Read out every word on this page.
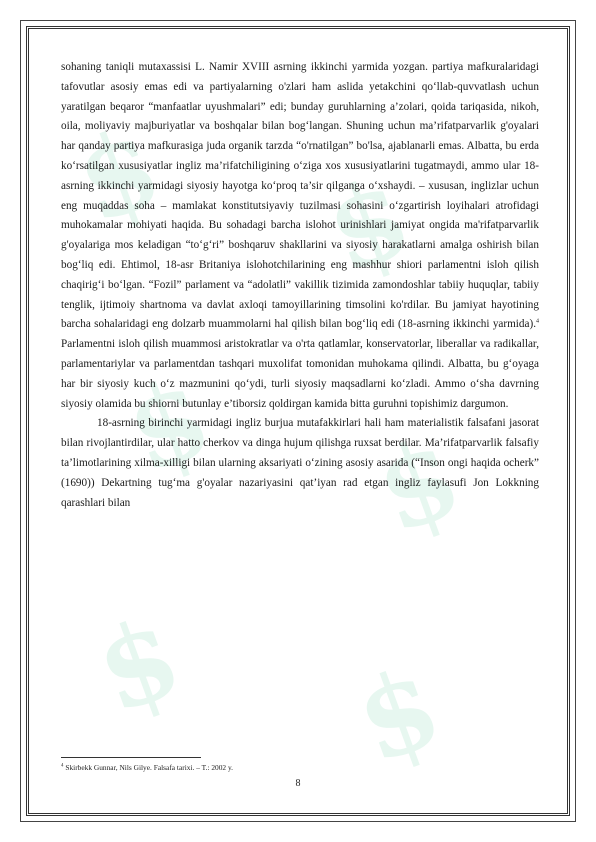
$ $
$ $
$ $

sohaning taniqli mutaxassisi L. Namir XVIII asrning ikkinchi yarmida yozgan. partiya mafkuralaridagi tafovutlar asosiy emas edi va partiyalarning o'zlari ham aslida yetakchini qo‘llab-quvvatlash uchun yaratilgan beqaror “manfaatlar uyushmalari” edi; bunday guruhlarning a’zolari, qoida tariqasida, nikoh, oila, moliyaviy majburiyatlar va boshqalar bilan bog‘langan. Shuning uchun ma’rifatparvarlik g'oyalari har qanday partiya mafkurasiga juda organik tarzda “o'rnatilgan” bo'lsa, ajablanarli emas. Albatta, bu erda ko‘rsatilgan xususiyatlar ingliz ma’rifatchiligining o‘ziga xos xususiyatlarini tugatmaydi, ammo ular 18-asrning ikkinchi yarmidagi siyosiy hayotga ko‘proq ta’sir qilganga o‘xshaydi. – xususan, inglizlar uchun eng muqaddas soha – mamlakat konstitutsiyaviy tuzilmasi sohasini o‘zgartirish loyihalari atrofidagi muhokamalar mohiyati haqida. Bu sohadagi barcha islohot urinishlari jamiyat ongida ma'rifatparvarlik g'oyalariga mos keladigan “to‘g‘ri” boshqaruv shakllarini va siyosiy harakatlarni amalga oshirish bilan bog‘liq edi. Ehtimol, 18-asr Britaniya islohotchilarining eng mashhur shiori parlamentni isloh qilish chaqirig‘i bo‘lgan. “Fozil” parlament va “adolatli” vakillik tizimida zamondoshlar tabiiy huquqlar, tabiiy tenglik, ijtimoiy shartnoma va davlat axloqi tamoyillarining timsolini ko'rdilar. Bu jamiyat hayotining barcha sohalaridagi eng dolzarb muammolarni hal qilish bilan bog‘liq edi (18-asrning ikkinchi yarmida).$^4$ Parlamentni isloh qilish muammosi aristokratlar va o'rta qatlamlar, konservatorlar, liberallar va radikallar, parlamentariylar va parlamentdan tashqari muxolifat tomonidan muhokama qilindi. Albatta, bu g‘oyaga har bir siyosiy kuch o‘z mazmunini qo‘ydi, turli siyosiy maqsadlarni ko‘zladi. Ammo o‘sha davrning siyosiy olamida bu shiorni butunlay e’tiborsiz qoldirgan kamida bitta guruhni topishimiz dargumon.

18-asrning birinchi yarmidagi ingliz burjua mutafakkirlari hali ham materialistik falsafani jasorat bilan rivojlantirdilar, ular hatto cherkov va dinga hujum qilishga ruxsat berdilar. Ma’rifatparvarlik falsafiy ta’limotlarining xilma-xilligi bilan ularning aksariyati o‘zining asosiy asarida (“Inson ongi haqida ocherk” (1690)) Dekartning tug‘ma g'oyalar nazariyasini qat’iyan rad etgan ingliz faylasufi Jon Lokkning qarashlari bilan

$^4$ Skirbekk Gunnar, Nils Gilye. Falsafa tarixi. – T.: 2002 y.
8
